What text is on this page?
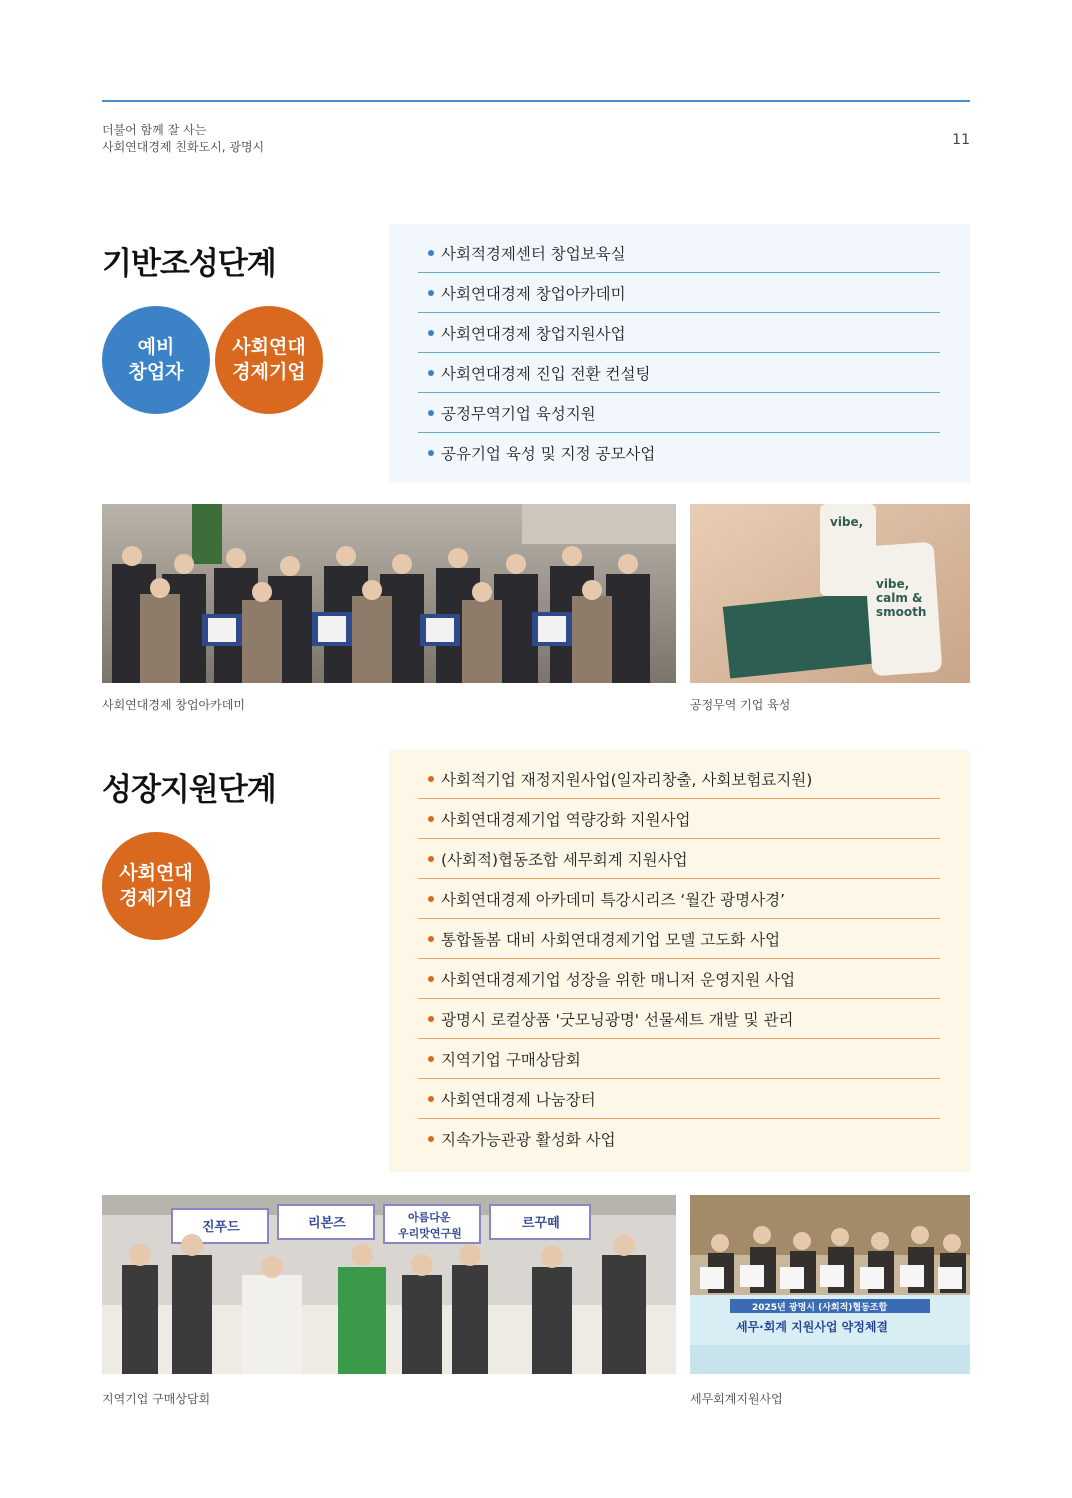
더불어 함께 잘 사는
사회연대경제 친화도시, 광명시	11
기반조성단계
예비
창업자
사회연대
경제기업
사회적경제센터 창업보육실
사회연대경제 창업아카데미
사회연대경제 창업지원사업
사회연대경제 진입 전환 컨설팅
공정무역기업 육성지원
공유기업 육성 및 지정 공모사업
vibe,
vibe,
calm &
smooth
사회연대경제 창업아카데미	공정무역 기업 육성
성장지원단계
사회연대
경제기업
사회적기업 재정지원사업(일자리창출, 사회보험료지원)
사회연대경제기업 역량강화 지원사업
(사회적)협동조합 세무회계 지원사업
사회연대경제 아카데미 특강시리즈 ‘월간 광명사경’
통합돌봄 대비 사회연대경제기업 모델 고도화 사업
사회연대경제기업 성장을 위한 매니저 운영지원 사업
광명시 로컬상품 '굿모닝광명' 선물세트 개발 및 관리
지역기업 구매상담회
사회연대경제 나눔장터
지속가능관광 활성화 사업
진푸드	리본즈	아름다운
우리맛연구원
르꾸떼
2025년 광명시 (사회적)협동조합
세무·회계 지원사업 약정체결
지역기업 구매상담회	세무회계지원사업
